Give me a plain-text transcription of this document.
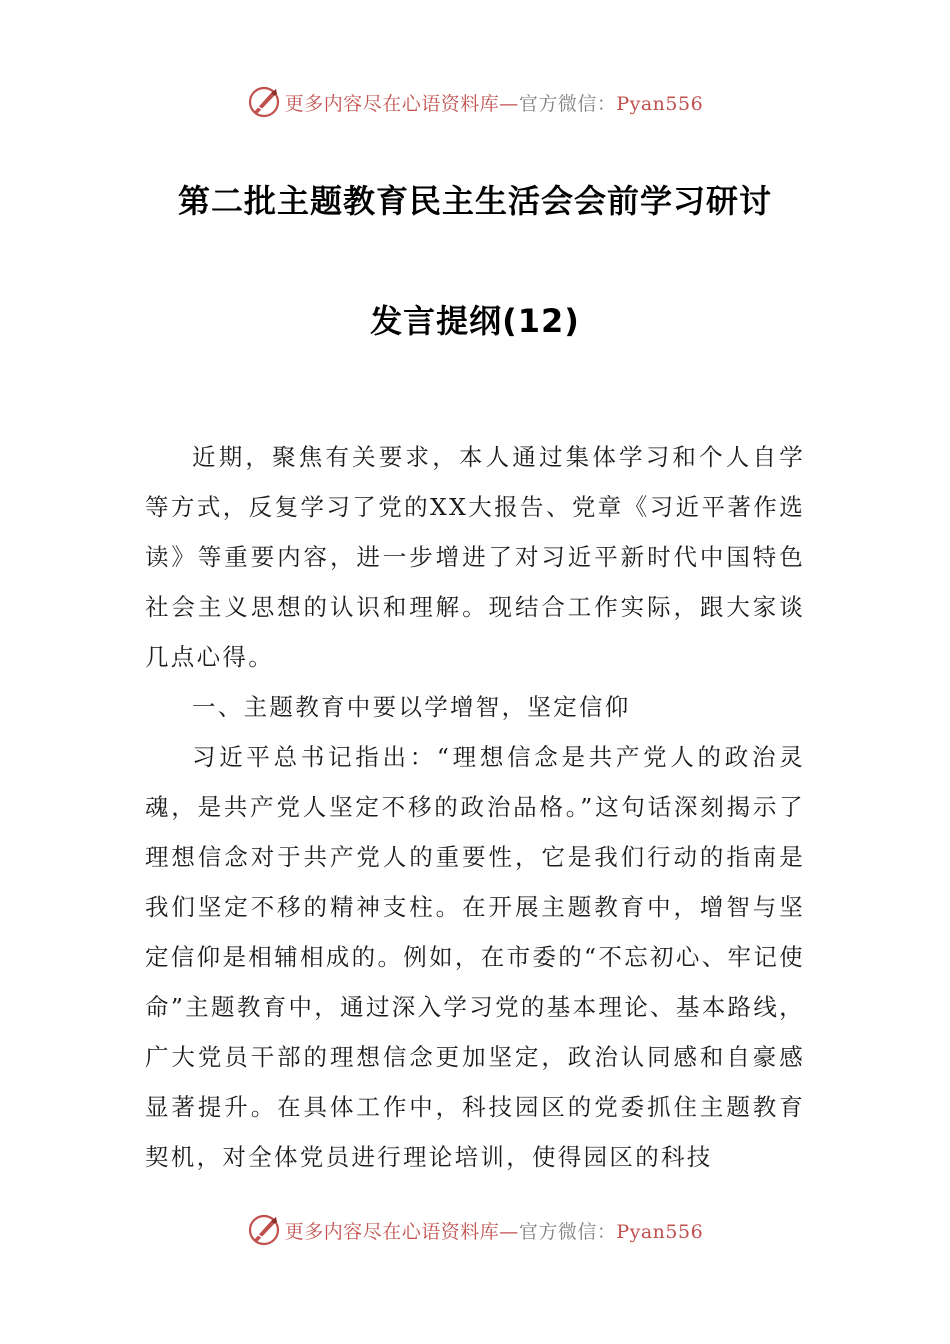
更多内容尽在心语资料库—官方微信：Pyan556
第二批主题教育民主生活会会前学习研讨
发言提纲(12)

近期，聚焦有关要求，本人通过集体学习和个人自学等方式，反复学习了党的XX大报告、党章《习近平著作选读》等重要内容，进一步增进了对习近平新时代中国特色社会主义思想的认识和理解。现结合工作实际，跟大家谈几点心得。

一、主题教育中要以学增智，坚定信仰

习近平总书记指出：“理想信念是共产党人的政治灵魂，是共产党人坚定不移的政治品格。”这句话深刻揭示了理想信念对于共产党人的重要性，它是我们行动的指南是我们坚定不移的精神支柱。在开展主题教育中，增智与坚定信仰是相辅相成的。例如，在市委的“不忘初心、牢记使命”主题教育中，通过深入学习党的基本理论、基本路线，广大党员干部的理想信念更加坚定，政治认同感和自豪感显著提升。在具体工作中，科技园区的党委抓住主题教育契机，对全体党员进行理论培训，使得园区的科技

更多内容尽在心语资料库—官方微信：Pyan556
